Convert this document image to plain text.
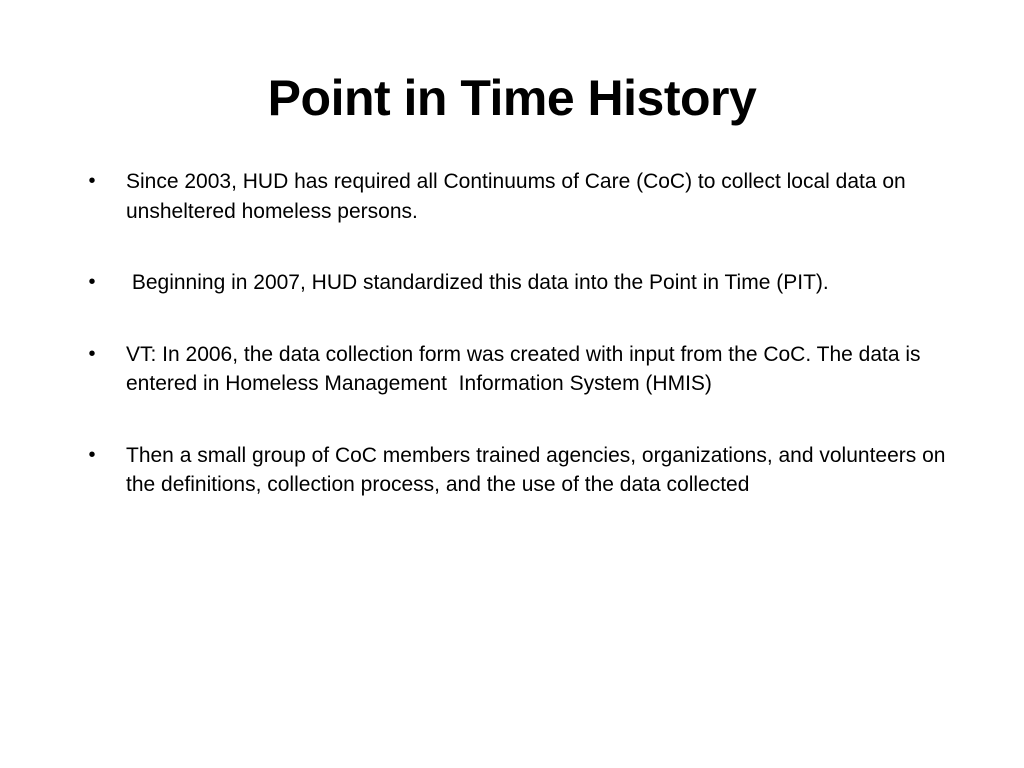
Point in Time History
• Since 2003, HUD has required all Continuums of Care (CoC) to collect local data on unsheltered homeless persons.
• Beginning in 2007, HUD standardized this data into the Point in Time (PIT).
• VT: In 2006, the data collection form was created with input from the CoC. The data is entered in Homeless Management  Information System (HMIS)
• Then a small group of CoC members trained agencies, organizations, and volunteers on the definitions, collection process, and the use of the data collected
